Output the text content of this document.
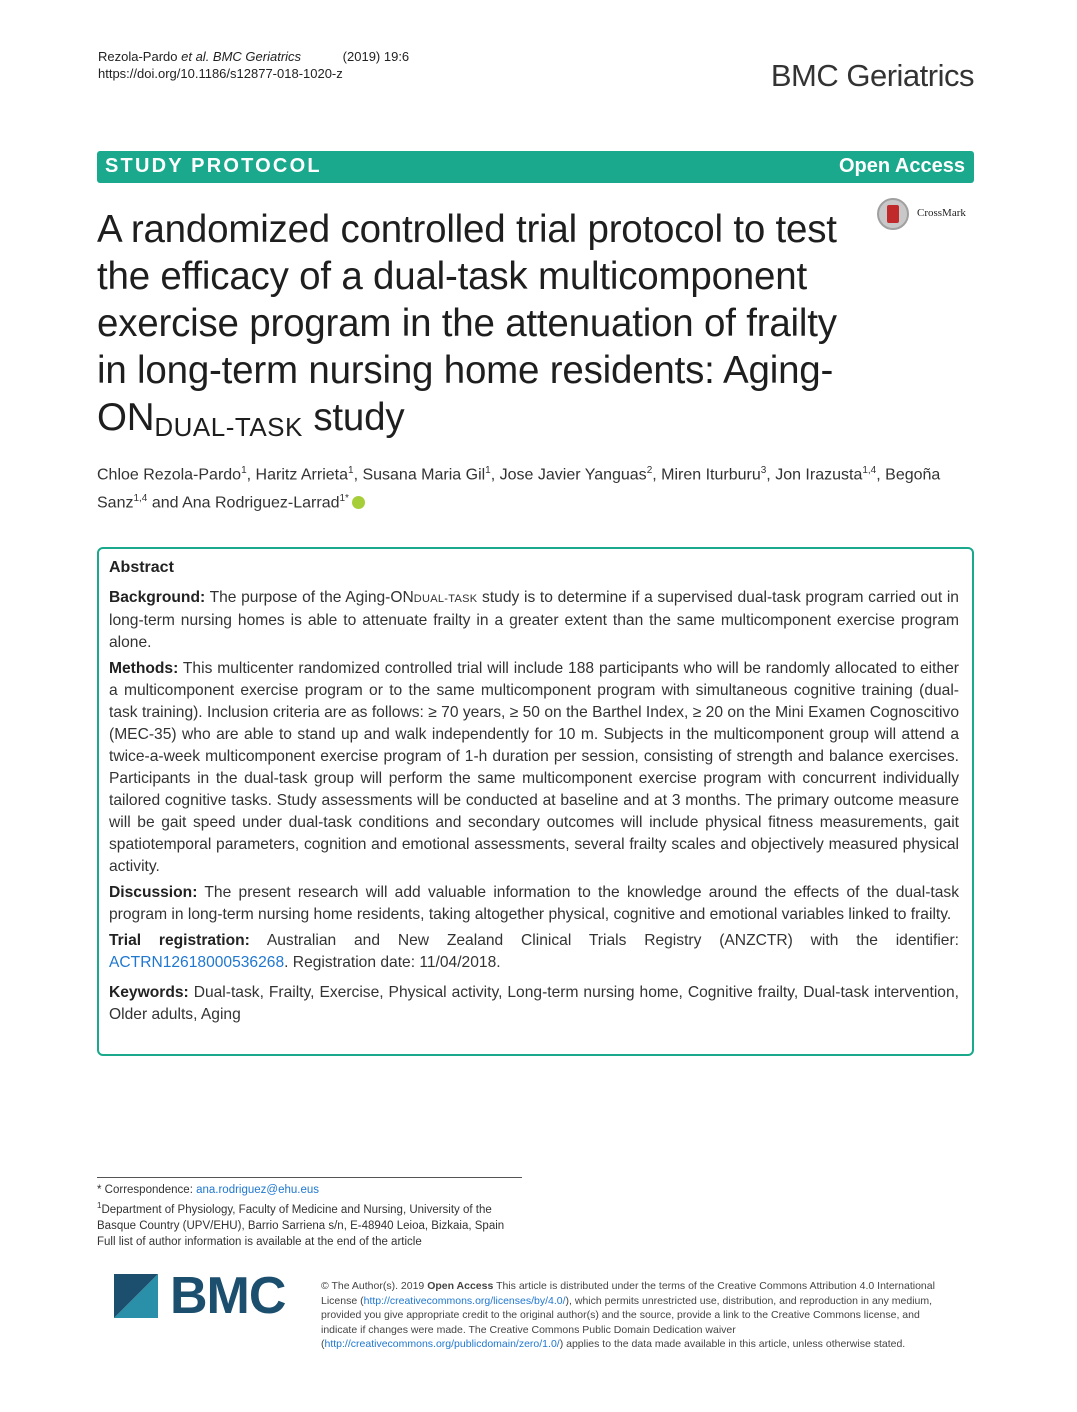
Rezola-Pardo et al. BMC Geriatrics	(2019) 19:6
https://doi.org/10.1186/s12877-018-1020-z	BMC Geriatrics
STUDY PROTOCOL	Open Access
CrossMark
A randomized controlled trial protocol to test the efficacy of a dual-task multicomponent exercise program in the attenuation of frailty in long-term nursing home residents: Aging-$ON_{DUAL-TASK}$ study
Chloe Rezola-Pardo$^1$, Haritz Arrieta$^1$, Susana Maria Gil$^1$, Jose Javier Yanguas$^2$, Miren Iturburu$^3$, Jon Irazusta$^{1,4}$, Begoña Sanz$^{1,4}$ and Ana Rodriguez-Larrad$^{1*}$
Abstract

Background: The purpose of the Aging-ONDUAL-TASK study is to determine if a supervised dual-task program carried out in long-term nursing homes is able to attenuate frailty in a greater extent than the same multicomponent exercise program alone.

Methods: This multicenter randomized controlled trial will include 188 participants who will be randomly allocated to either a multicomponent exercise program or to the same multicomponent program with simultaneous cognitive training (dual-task training). Inclusion criteria are as follows: ≥ 70 years, ≥ 50 on the Barthel Index, ≥ 20 on the Mini Examen Cognoscitivo (MEC-35) who are able to stand up and walk independently for 10 m. Subjects in the multicomponent group will attend a twice-a-week multicomponent exercise program of 1-h duration per session, consisting of strength and balance exercises. Participants in the dual-task group will perform the same multicomponent exercise program with concurrent individually tailored cognitive tasks. Study assessments will be conducted at baseline and at 3 months. The primary outcome measure will be gait speed under dual-task conditions and secondary outcomes will include physical fitness measurements, gait spatiotemporal parameters, cognition and emotional assessments, several frailty scales and objectively measured physical activity.

Discussion: The present research will add valuable information to the knowledge around the effects of the dual-task program in long-term nursing home residents, taking altogether physical, cognitive and emotional variables linked to frailty.

Trial registration: Australian and New Zealand Clinical Trials Registry (ANZCTR) with the identifier: ACTRN12618000536268. Registration date: 11/04/2018.

Keywords: Dual-task, Frailty, Exercise, Physical activity, Long-term nursing home, Cognitive frailty, Dual-task intervention, Older adults, Aging

* Correspondence: ana.rodriguez@ehu.eus
$^1$Department of Physiology, Faculty of Medicine and Nursing, University of the Basque Country (UPV/EHU), Barrio Sarriena s/n, E-48940 Leioa, Bizkaia, Spain
Full list of author information is available at the end of the article
BMC	© The Author(s). 2019 Open Access This article is distributed under the terms of the Creative Commons Attribution 4.0 International License (http://creativecommons.org/licenses/by/4.0/), which permits unrestricted use, distribution, and reproduction in any medium, provided you give appropriate credit to the original author(s) and the source, provide a link to the Creative Commons license, and indicate if changes were made. The Creative Commons Public Domain Dedication waiver (http://creativecommons.org/publicdomain/zero/1.0/) applies to the data made available in this article, unless otherwise stated.
